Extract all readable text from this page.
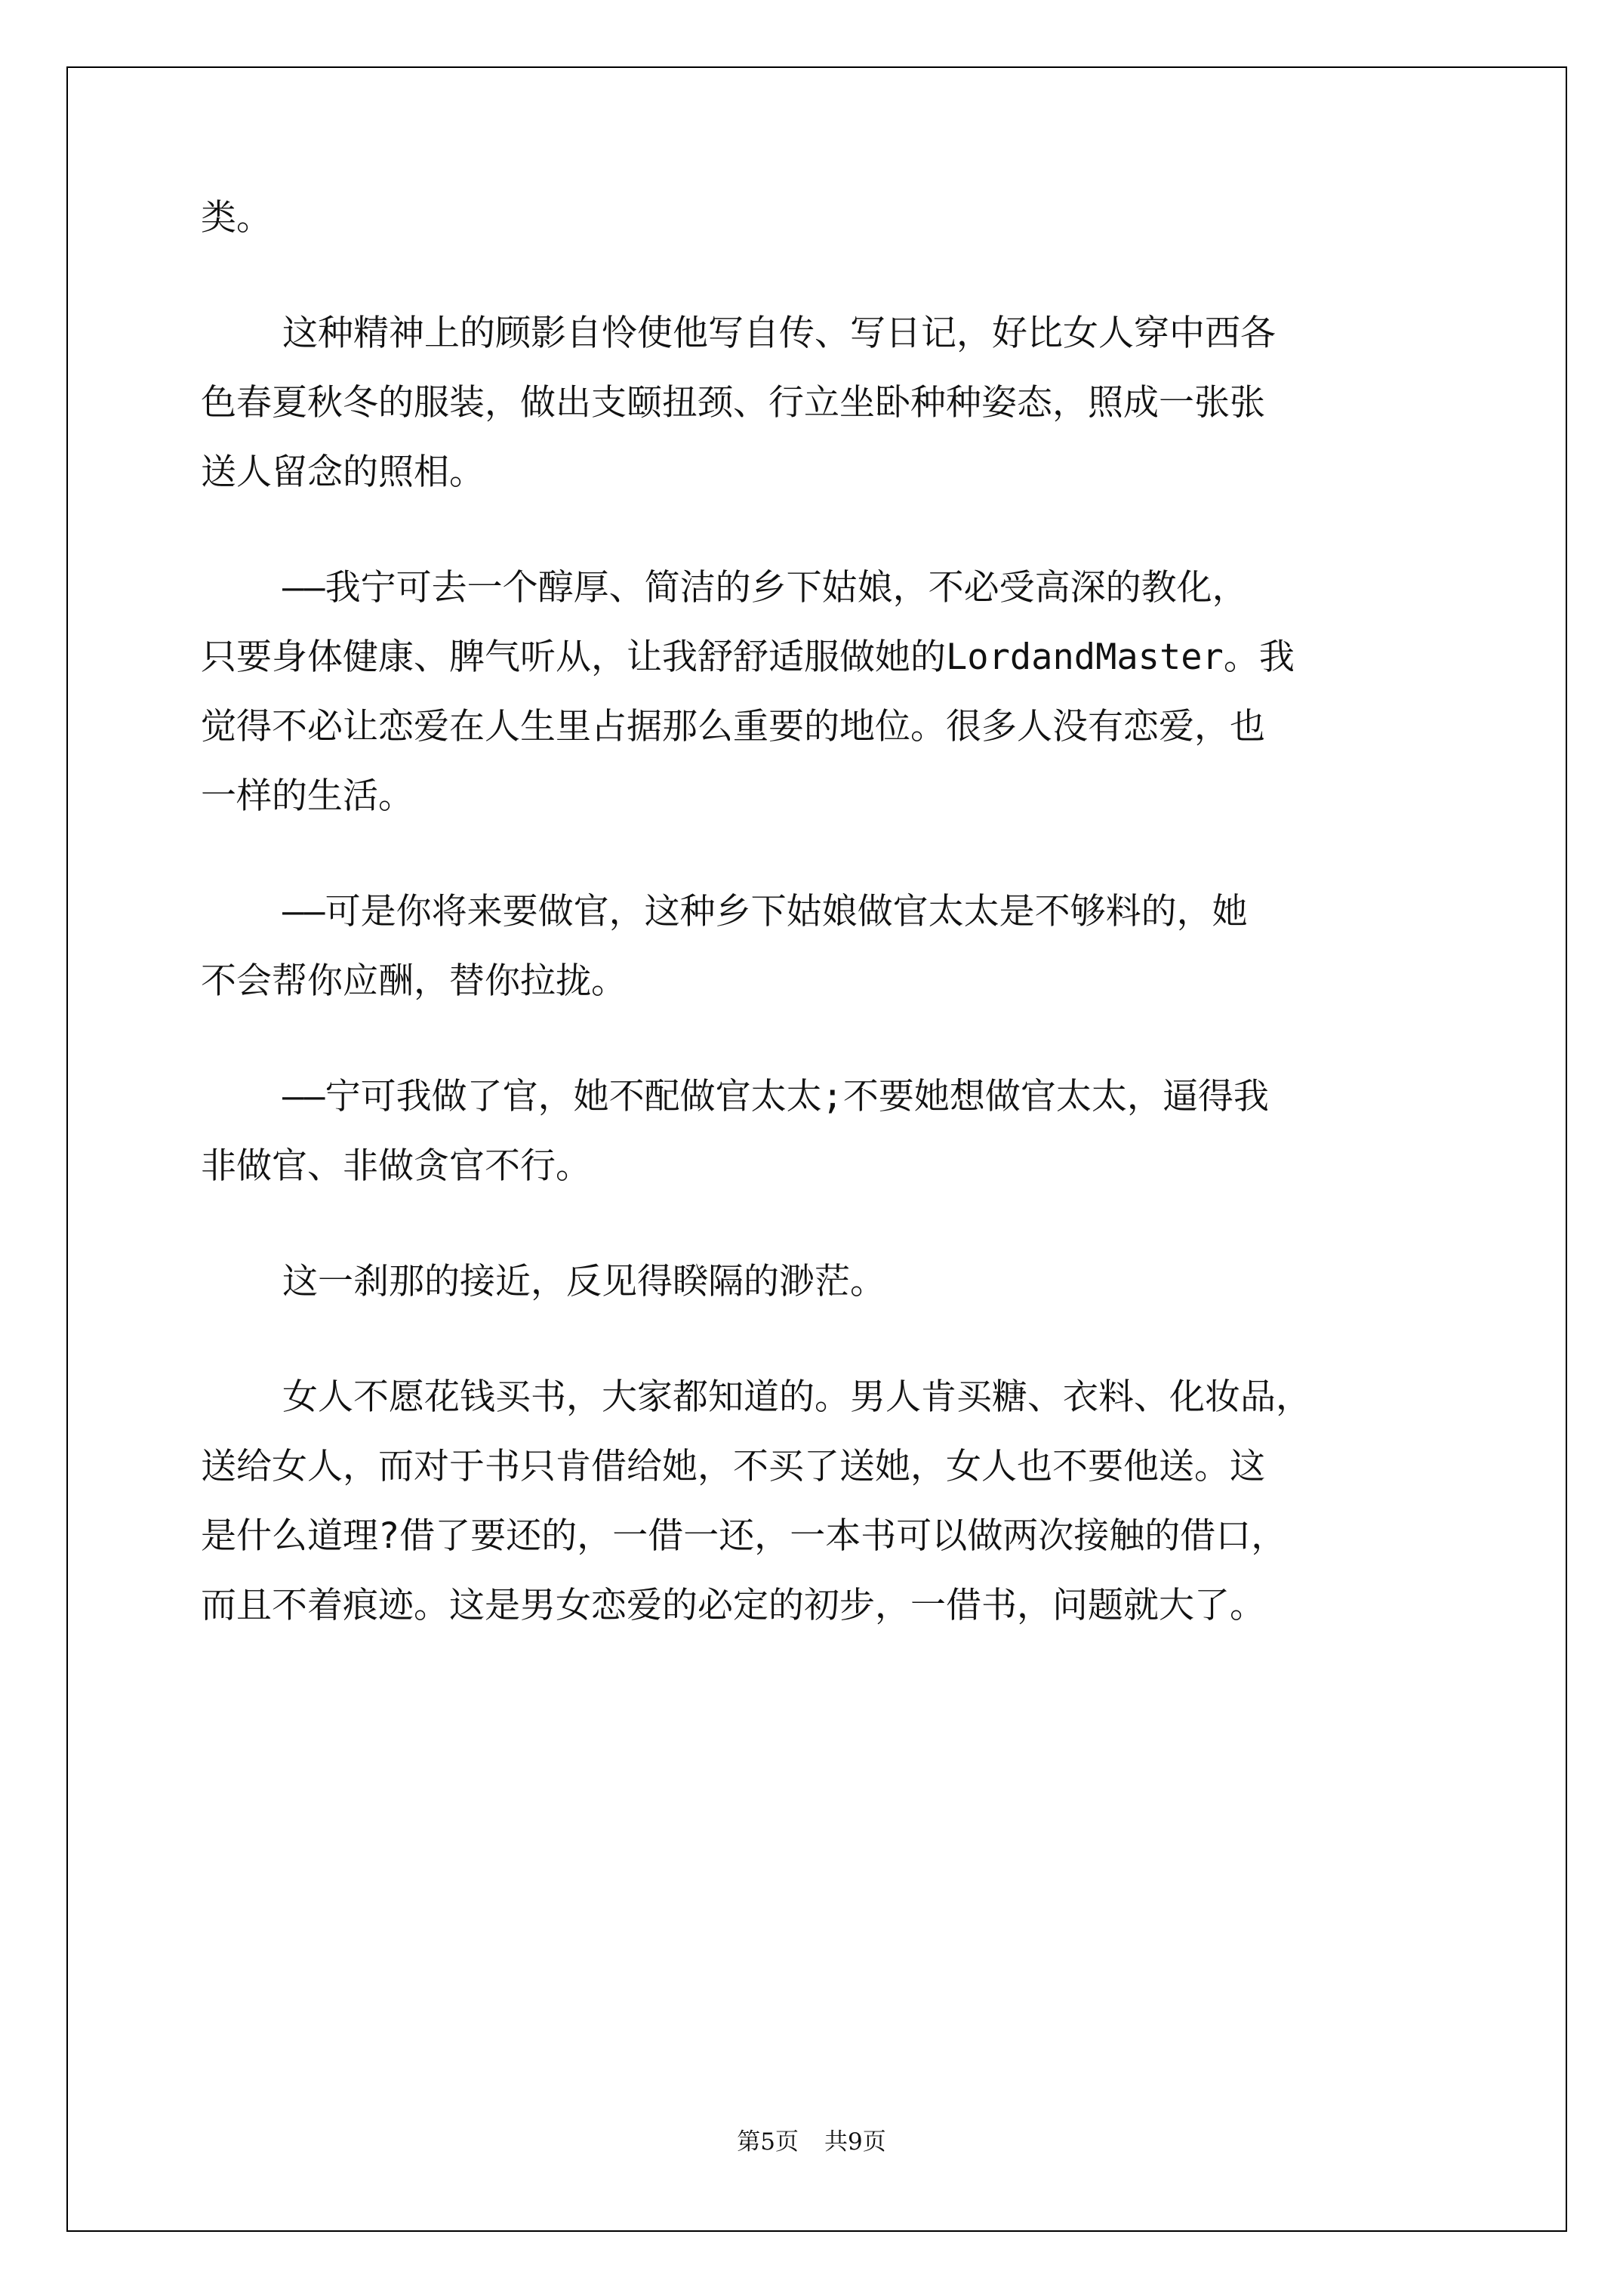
类。
这种精神上的顾影自怜使他写自传、写日记，好比女人穿中西各
色春夏秋冬的服装，做出支颐扭颈、行立坐卧种种姿态，照成一张张
送人留念的照相。
——我宁可去一个醇厚、简洁的乡下姑娘，不必受高深的教化，
只要身体健康、脾气听从，让我舒舒适服做她的LordandMaster。我
觉得不必让恋爱在人生里占据那么重要的地位。很多人没有恋爱，也
一样的生活。
——可是你将来要做官，这种乡下姑娘做官太太是不够料的，她
不会帮你应酬，替你拉拢。
——宁可我做了官，她不配做官太太;不要她想做官太太，逼得我
非做官、非做贪官不行。
这一刹那的接近，反见得睽隔的渺茫。
女人不愿花钱买书，大家都知道的。男人肯买糖、衣料、化妆品，
送给女人，而对于书只肯借给她，不买了送她，女人也不要他送。这
是什么道理?借了要还的，一借一还，一本书可以做两次接触的借口，
而且不着痕迹。这是男女恋爱的必定的初步，一借书，问题就大了。
第5页 共9页
